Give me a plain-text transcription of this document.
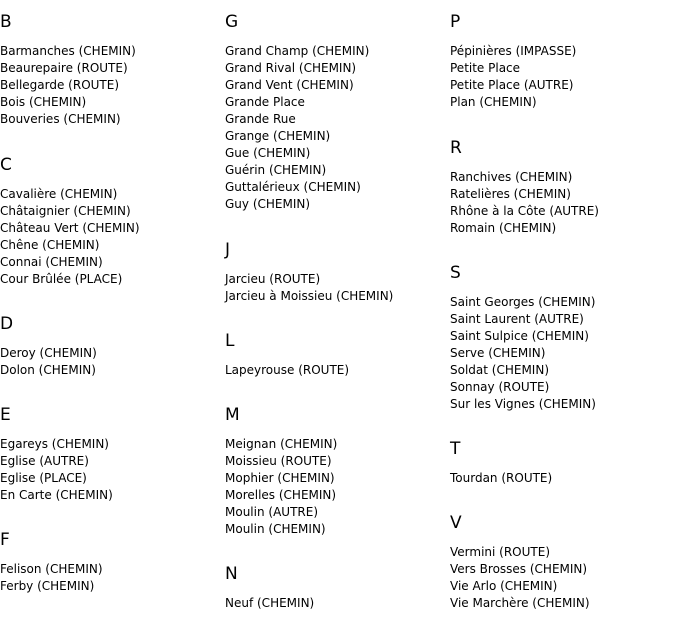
B
Barmanches (CHEMIN)
Beaurepaire (ROUTE)
Bellegarde (ROUTE)
Bois (CHEMIN)
Bouveries (CHEMIN)
C
Cavalière (CHEMIN)
Châtaignier (CHEMIN)
Château Vert (CHEMIN)
Chêne (CHEMIN)
Connai (CHEMIN)
Cour Brûlée (PLACE)
D
Deroy (CHEMIN)
Dolon (CHEMIN)
E
Egareys (CHEMIN)
Eglise (AUTRE)
Eglise (PLACE)
En Carte (CHEMIN)
F
Felison (CHEMIN)
Ferby (CHEMIN)
G
Grand Champ (CHEMIN)
Grand Rival (CHEMIN)
Grand Vent (CHEMIN)
Grande Place
Grande Rue
Grange (CHEMIN)
Gue (CHEMIN)
Guérin (CHEMIN)
Guttalérieux (CHEMIN)
Guy (CHEMIN)
J
Jarcieu (ROUTE)
Jarcieu à Moissieu (CHEMIN)
L
Lapeyrouse (ROUTE)
M
Meignan (CHEMIN)
Moissieu (ROUTE)
Mophier (CHEMIN)
Morelles (CHEMIN)
Moulin (AUTRE)
Moulin (CHEMIN)
N
Neuf (CHEMIN)
P
Pépinières (IMPASSE)
Petite Place
Petite Place (AUTRE)
Plan (CHEMIN)
R
Ranchives (CHEMIN)
Ratelières (CHEMIN)
Rhône à la Côte (AUTRE)
Romain (CHEMIN)
S
Saint Georges (CHEMIN)
Saint Laurent (AUTRE)
Saint Sulpice (CHEMIN)
Serve (CHEMIN)
Soldat (CHEMIN)
Sonnay (ROUTE)
Sur les Vignes (CHEMIN)
T
Tourdan (ROUTE)
V
Vermini (ROUTE)
Vers Brosses (CHEMIN)
Vie Arlo (CHEMIN)
Vie Marchère (CHEMIN)
